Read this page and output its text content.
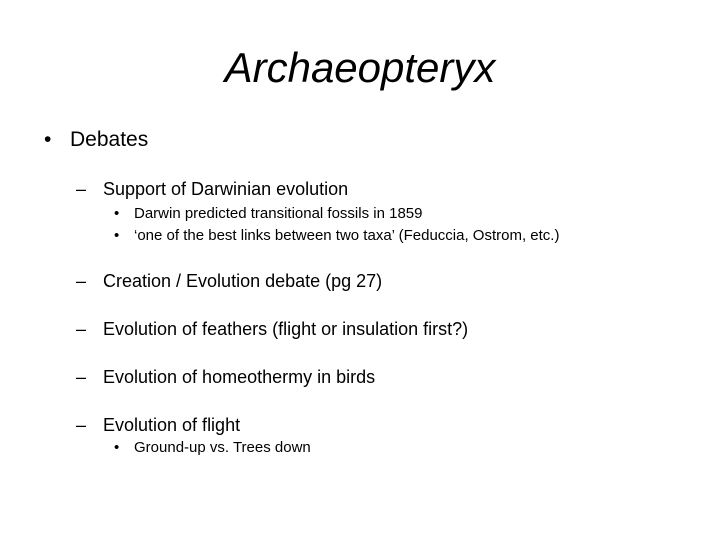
Archaeopteryx
• Debates
– Support of Darwinian evolution
• Darwin predicted transitional fossils in 1859
• ‘one of the best links between two taxa’ (Feduccia, Ostrom, etc.)
– Creation / Evolution debate (pg 27)
– Evolution of feathers (flight or insulation first?)
– Evolution of homeothermy in birds
– Evolution of flight
• Ground-up vs. Trees down
